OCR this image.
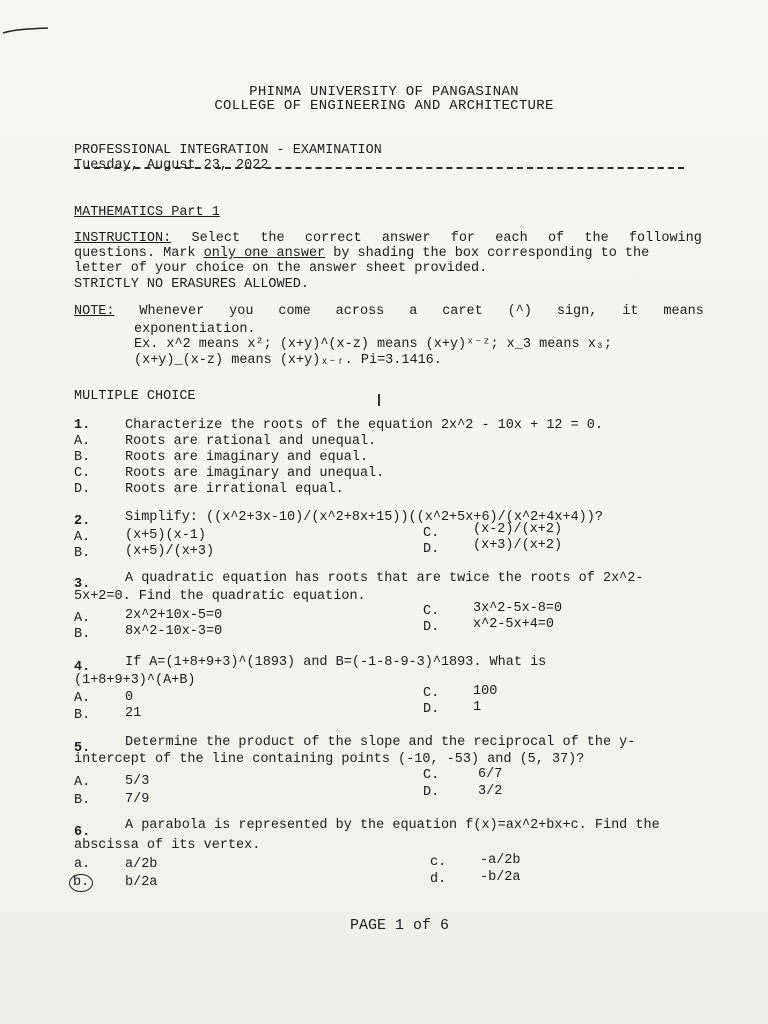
PHINMA UNIVERSITY OF PANGASINAN
COLLEGE OF ENGINEERING AND ARCHITECTURE
PROFESSIONAL INTEGRATION - EXAMINATION
Tuesday, August 23, 2022
MATHEMATICS Part 1
INSTRUCTION: Select the correct answer for each of the following
questions. Mark only one answer by shading the box corresponding to the
letter of your choice on the answer sheet provided.
STRICTLY NO ERASURES ALLOWED.
NOTE: Whenever you come across a caret (^) sign, it means
exponentiation.
Ex. x^2 means x²; (x+y)^(x-z) means (x+y)ˣ⁻ᶻ; x_3 means x₃;
(x+y)_(x-z) means (x+y)ₓ₋ᵣ. Pi=3.1416.
MULTIPLE CHOICE
1.	Characterize the roots of the equation 2x^2 - 10x + 12 = 0.
A.	Roots are rational and unequal.
B.	Roots are imaginary and equal.
C.	Roots are imaginary and unequal.
D.	Roots are irrational equal.
2.	Simplify: ((x^2+3x-10)/(x^2+8x+15))((x^2+5x+6)/(x^2+4x+4))?
A.	(x+5)(x-1)
B.	(x+5)/(x+3)
C.	(x-2)/(x+2)
D.	(x+3)/(x+2)
3.	A quadratic equation has roots that are twice the roots of 2x^2-
5x+2=0. Find the quadratic equation.
A.	2x^2+10x-5=0
B.	8x^2-10x-3=0
C.	3x^2-5x-8=0
D.	x^2-5x+4=0
4.	If A=(1+8+9+3)^(1893) and B=(-1-8-9-3)^1893. What is
(1+8+9+3)^(A+B)
A.	0
B.	21
C.	100
D.	1
5.	Determine the product of the slope and the reciprocal of the y-
intercept of the line containing points (-10, -53) and (5, 37)?
A.	5/3
B.	7/9
C.	6/7
D.	3/2
6.	A parabola is represented by the equation f(x)=ax^2+bx+c. Find the
abscissa of its vertex.
a.	a/2b
b.	b/2a
c.	-a/2b
d.	-b/2a
PAGE 1 of 6
